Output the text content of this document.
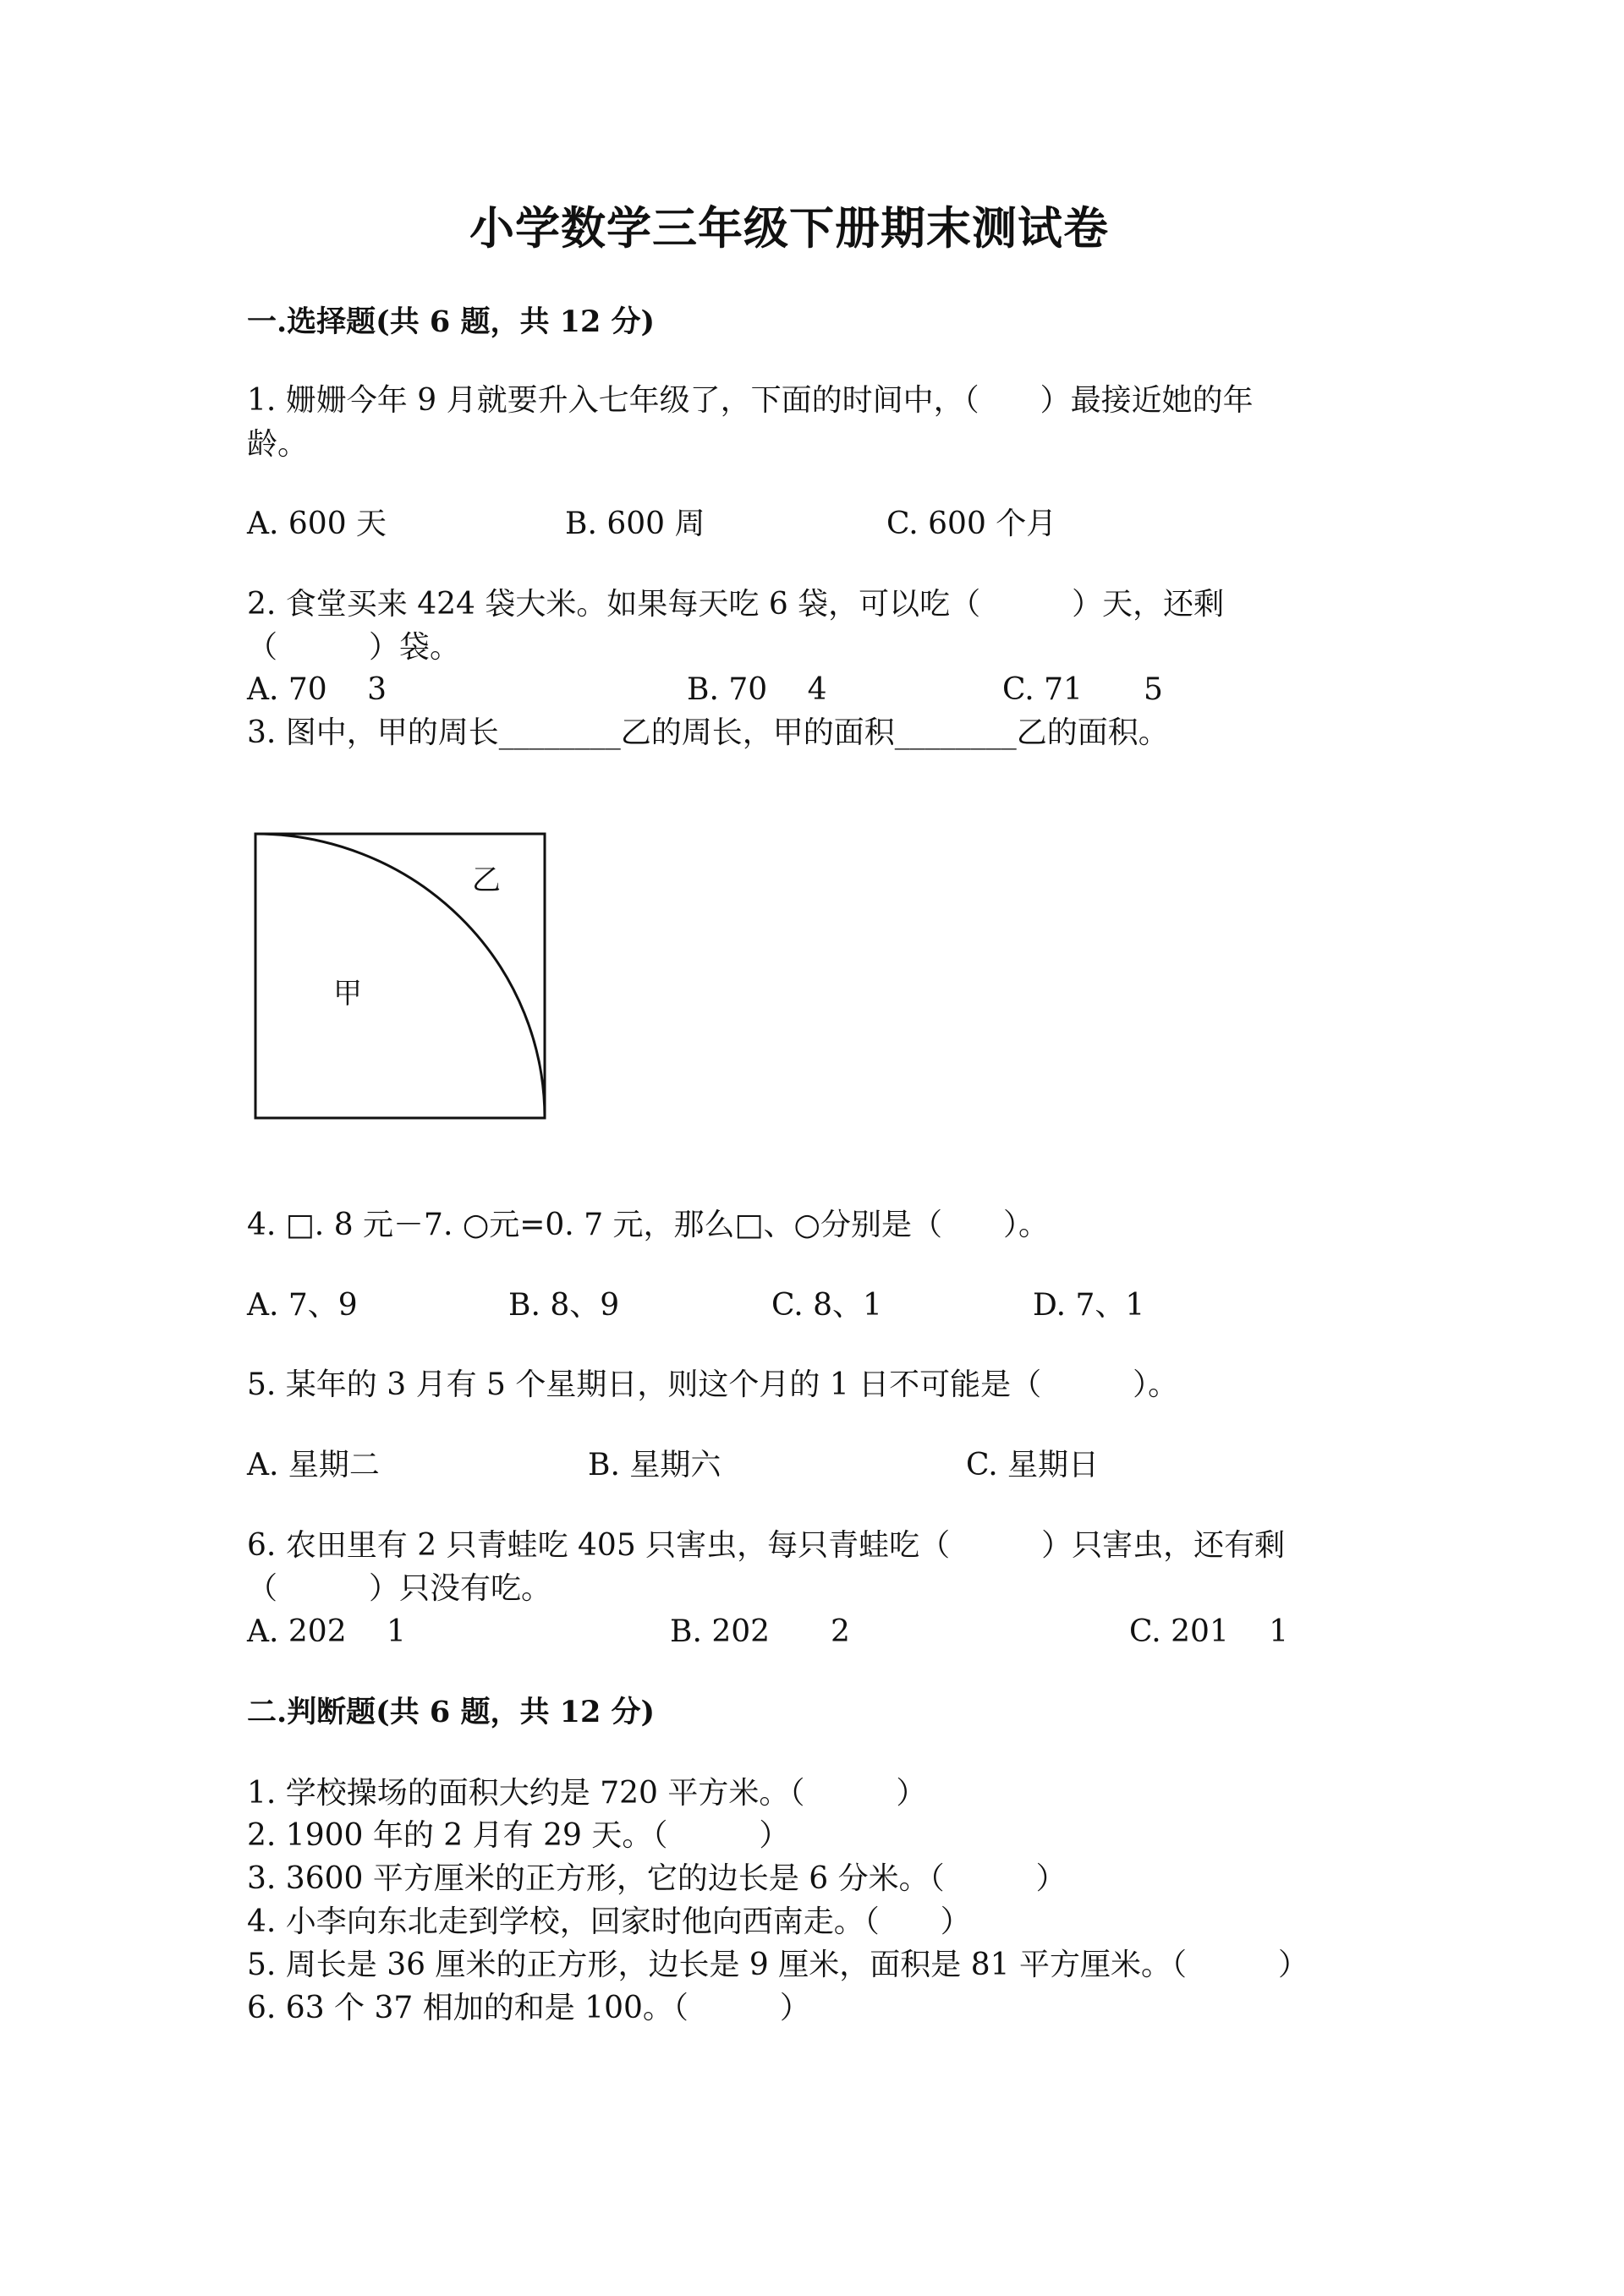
小学数学三年级下册期末测试卷
一.选择题(共 6 题，共 12 分)
1. 姗姗今年 9 月就要升入七年级了，下面的时间中，（　　）最接近她的年
龄。
A. 600 天	B. 600 周	C. 600 个月
2. 食堂买来 424 袋大米。如果每天吃 6 袋，可以吃（　　　）天，还剩
（　　　）袋。
A. 70　 3	B. 70　 4	C. 71　　5
3. 图中，甲的周长________乙的周长，甲的面积________乙的面积。
乙
甲
4. □. 8 元－7. ○元=0. 7 元，那么□、○分别是（　　）。
A. 7、9	B. 8、9	C. 8、1	D. 7、1
5. 某年的 3 月有 5 个星期日，则这个月的 1 日不可能是（　　　）。
A. 星期二	B. 星期六	C. 星期日
6. 农田里有 2 只青蛙吃 405 只害虫，每只青蛙吃（　　　）只害虫，还有剩
（　　　）只没有吃。
A. 202　 1	B. 202　　2	C. 201　 1
二.判断题(共 6 题，共 12 分)
1. 学校操场的面积大约是 720 平方米。（　　　）
2. 1900 年的 2 月有 29 天。（　　　）
3. 3600 平方厘米的正方形，它的边长是 6 分米。（　　　）
4. 小李向东北走到学校，回家时他向西南走。（　　）
5. 周长是 36 厘米的正方形，边长是 9 厘米，面积是 81 平方厘米。（　　　）
6. 63 个 37 相加的和是 100。（　　　）
